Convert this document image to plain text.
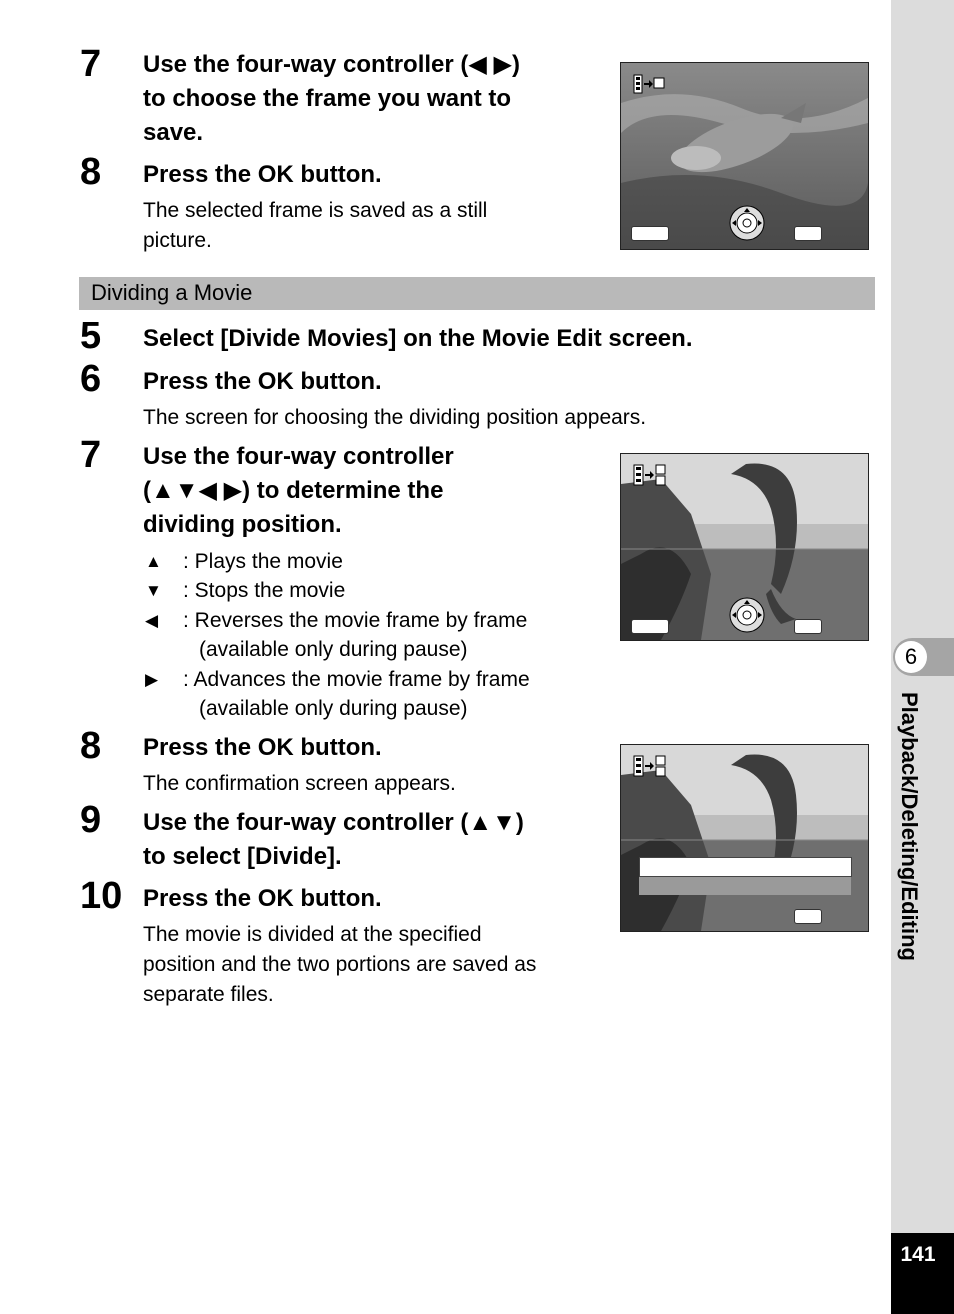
7 Use the four-way controller (◀ ▶)
to choose the frame you want to
save.
8 Press the OK button.
The selected frame is saved as a still
picture.
Dividing a Movie
5 Select [Divide Movies] on the Movie Edit screen.
6 Press the OK button.
The screen for choosing the dividing position appears.
7 Use the four-way controller
(▲▼◀ ▶) to determine the
dividing position.
▲ : Plays the movie
▼ : Stops the movie
◀ : Reverses the movie frame by frame
(available only during pause)
▶ : Advances the movie frame by frame
(available only during pause)
8 Press the OK button.
The confirmation screen appears.
9 Use the four-way controller (▲▼)
to select [Divide].
10 Press the OK button.
The movie is divided at the specified
position and the two portions are saved as
separate files.
6
Playback/Deleting/Editing
141
